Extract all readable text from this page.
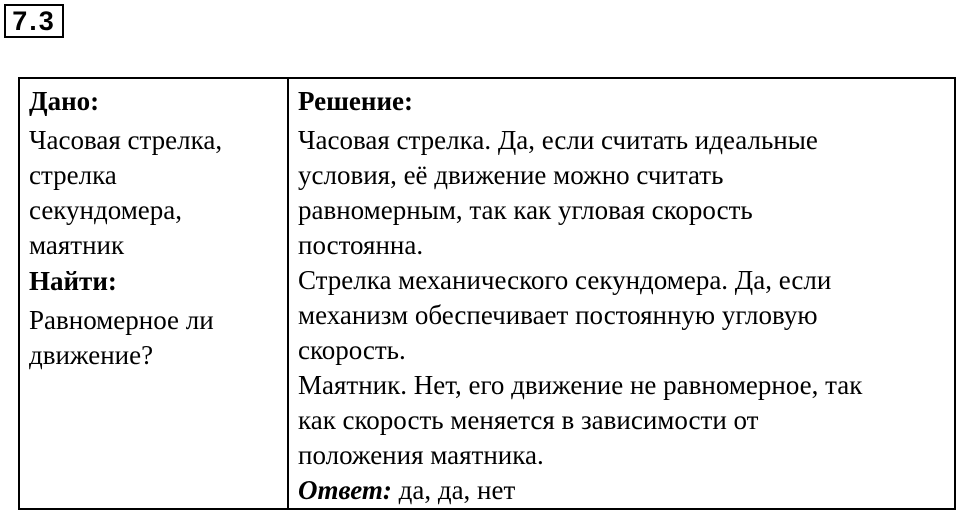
7.3
Дано:
Часовая стрелка,
стрелка
секундомера,
маятник
Найти:
Равномерное ли
движение?
Решение:
Часовая стрелка. Да, если считать идеальные
условия, её движение можно считать
равномерным, так как угловая скорость
постоянна.
Стрелка механического секундомера. Да, если
механизм обеспечивает постоянную угловую
скорость.
Маятник. Нет, его движение не равномерное, так
как скорость меняется в зависимости от
положения маятника.
Ответ: да, да, нет
